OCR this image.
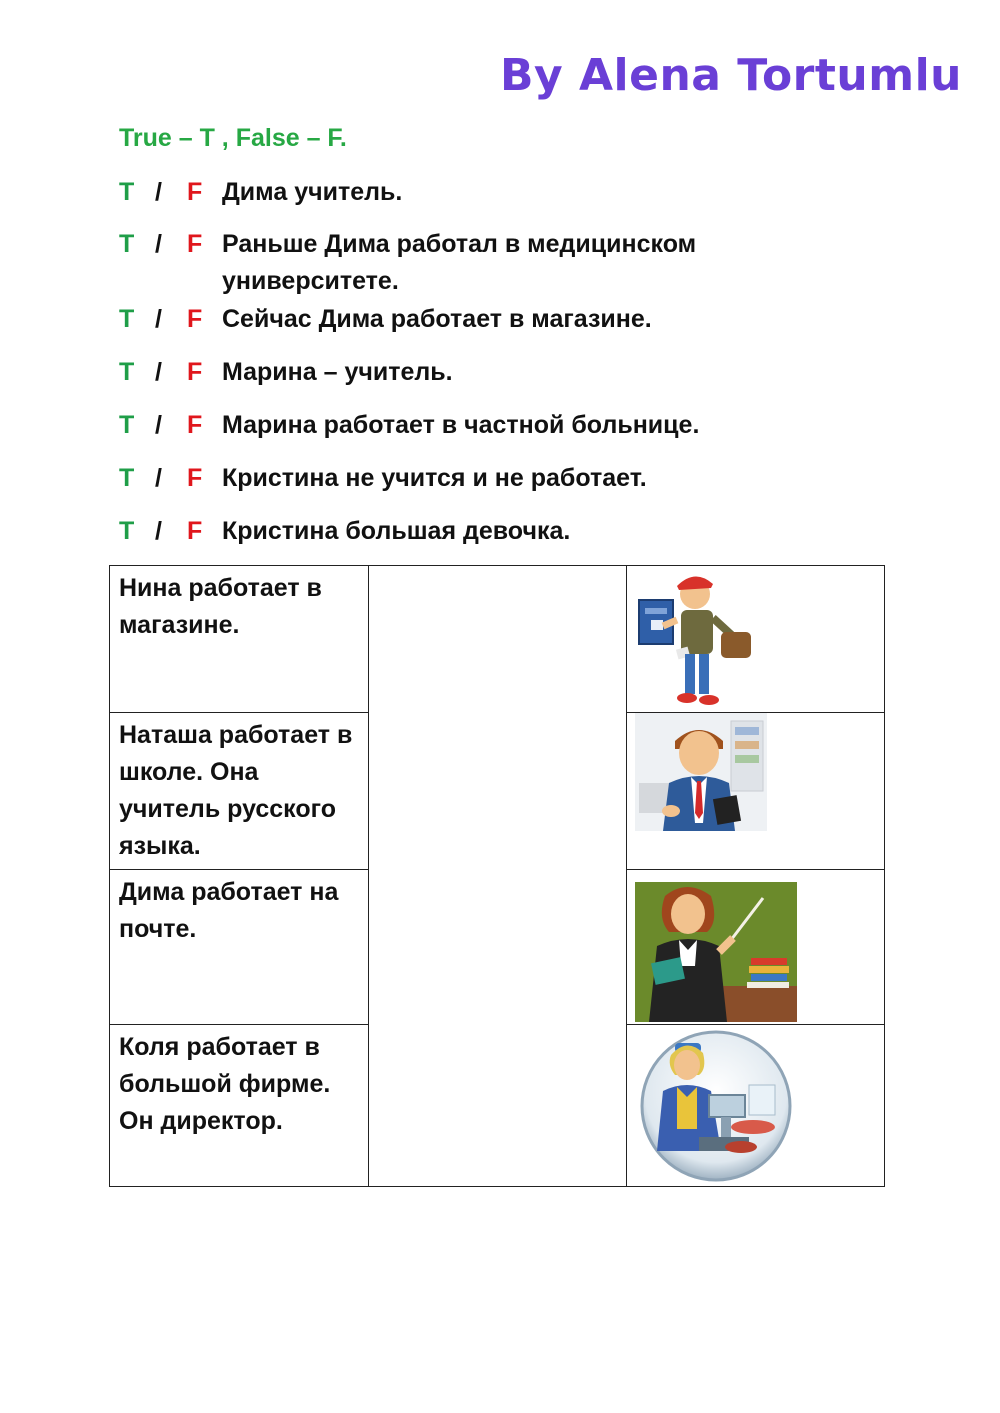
By Alena Tortumlu
True – T , False – F.
T / F Дима учитель.
T / F Раньше Дима работал в медицинском университете.
T / F Сейчас Дима работает в магазине.
T / F Марина – учитель.
T / F Марина работает в частной больнице.
T / F Кристина не учится и не работает.
T / F Кристина большая девочка.
Нина работает в магазине.

Наташа работает в школе. Она учитель русского языка.

Дима работает на почте.

Коля работает в большой фирме. Он директор.
